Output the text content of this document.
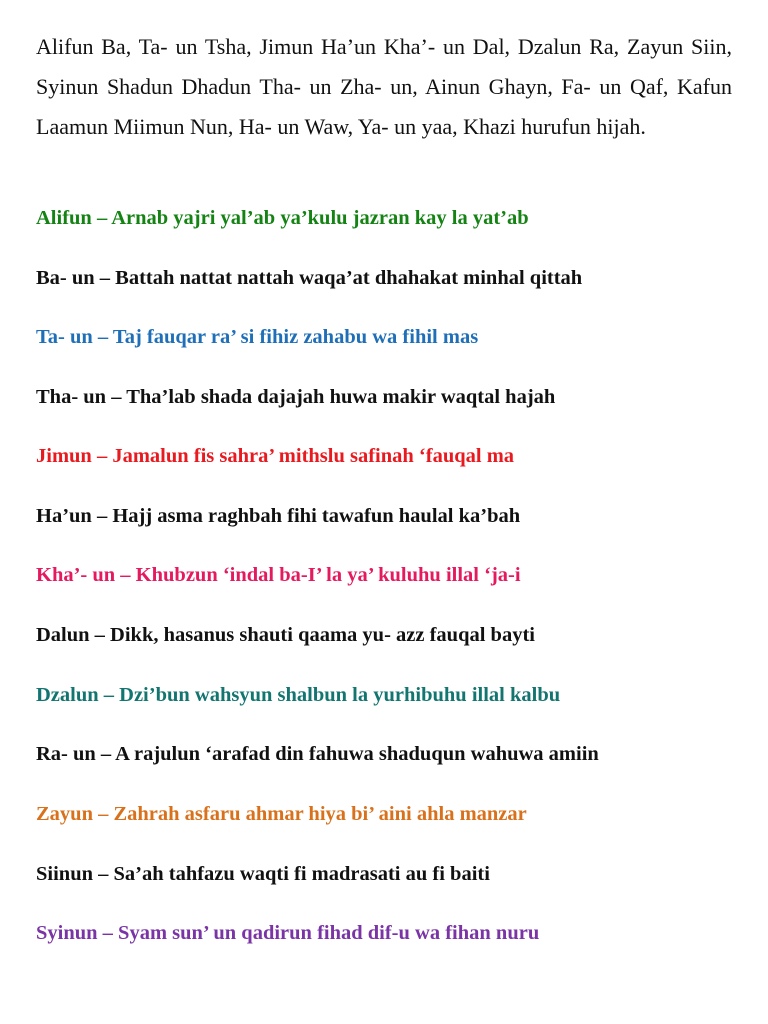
Alifun Ba, Ta- un Tsha, Jimun Ha’un Kha’- un Dal, Dzalun Ra, Zayun Siin, Syinun Shadun Dhadun Tha- un Zha- un, Ainun Ghayn, Fa- un Qaf, Kafun Laamun Miimun Nun, Ha- un Waw, Ya- un yaa, Khazi hurufun hijah.

Alifun – Arnab yajri yal’ab ya’kulu jazran kay la yat’ab

Ba- un – Battah nattat nattah waqa’at dhahakat minhal qittah

Ta- un – Taj fauqar ra’ si fihiz zahabu wa fihil mas

Tha- un – Tha’lab shada dajajah huwa makir waqtal hajah

Jimun – Jamalun fis sahra’ mithslu safinah ‘fauqal ma

Ha’un – Hajj asma raghbah fihi tawafun haulal ka’bah

Kha’- un – Khubzun ‘indal ba-I’ la ya’ kuluhu illal ‘ja-i

Dalun – Dikk, hasanus shauti qaama yu- azz fauqal bayti

Dzalun – Dzi’bun wahsyun shalbun la yurhibuhu illal kalbu

Ra- un – A rajulun ‘arafad din fahuwa shaduqun wahuwa amiin

Zayun – Zahrah asfaru ahmar hiya bi’ aini ahla manzar

Siinun – Sa’ah tahfazu waqti fi madrasati au fi baiti

Syinun – Syam sun’ un qadirun fihad dif-u wa fihan nuru
